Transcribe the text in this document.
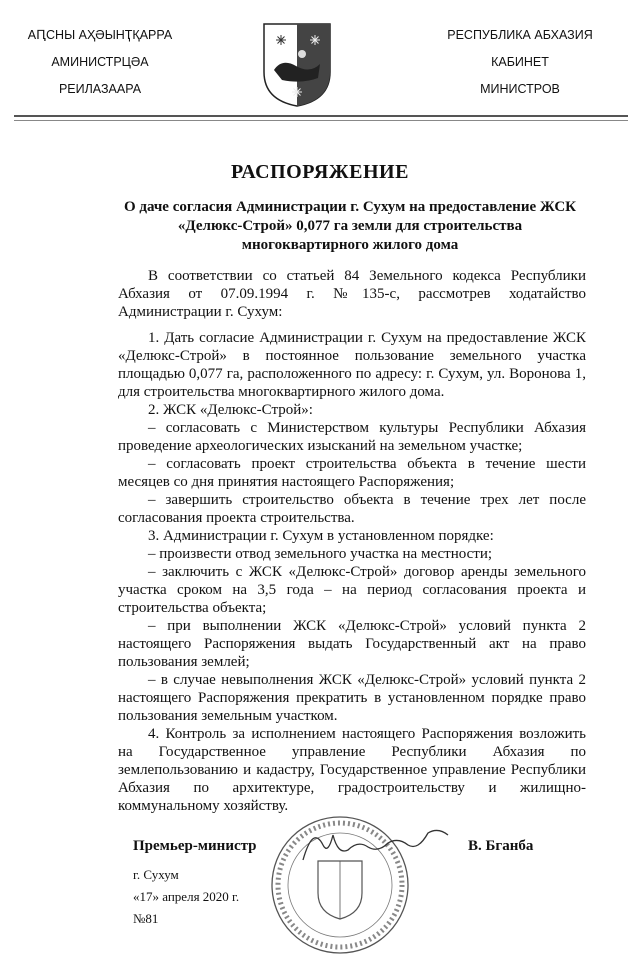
АԤСНЫ АҲӘЫНҬҚАРРА
АМИНИСТРЦӘА
РЕИЛАЗААРА
РЕСПУБЛИКА АБХАЗИЯ
КАБИНЕТ
МИНИСТРОВ
РАСПОРЯЖЕНИЕ
О даче согласия Администрации г. Сухум на предоставление ЖСК «Делюкс-Строй» 0,077 га земли для строительства многоквартирного жилого дома

В соответствии со статьей 84 Земельного кодекса Республики Абхазия от 07.09.1994 г. №135-с, рассмотрев ходатайство Администрации г. Сухум:

1. Дать согласие Администрации г. Сухум на предоставление ЖСК «Делюкс-Строй» в постоянное пользование земельного участка площадью 0,077 га, расположенного по адресу: г. Сухум, ул. Воронова 1, для строительства многоквартирного жилого дома.

2. ЖСК «Делюкс-Строй»:

– согласовать с Министерством культуры Республики Абхазия проведение археологических изысканий на земельном участке;

– согласовать проект строительства объекта в течение шести месяцев со дня принятия настоящего Распоряжения;

– завершить строительство объекта в течение трех лет после согласования проекта строительства.

3. Администрации г. Сухум в установленном порядке:

– произвести отвод земельного участка на местности;

– заключить с ЖСК «Делюкс-Строй» договор аренды земельного участка сроком на 3,5 года – на период согласования проекта и строительства объекта;

– при выполнении ЖСК «Делюкс-Строй» условий пункта 2 настоящего Распоряжения выдать Государственный акт на право пользования землей;

– в случае невыполнения ЖСК «Делюкс-Строй» условий пункта 2 настоящего Распоряжения прекратить в установленном порядке право пользования земельным участком.

4. Контроль за исполнением настоящего Распоряжения возложить на Государственное управление Республики Абхазия по землепользованию и кадастру, Государственное управление Республики Абхазия по архитектуре, градостроительству и жилищно-коммунальному хозяйству.

Премьер-министр	В. Бганба
г. Сухум
«17» апреля 2020 г.
№81
